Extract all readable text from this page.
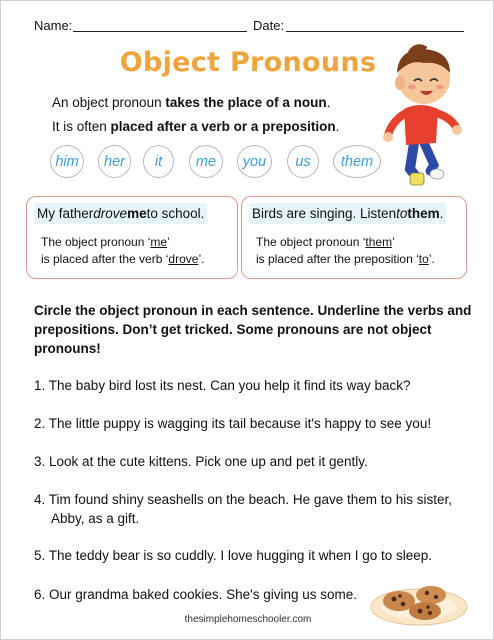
Name:	Date:
Object Pronouns
An object pronoun takes the place of a noun.
It is often placed after a verb or a preposition.
him	her	it	me	you	us	them
My father drove me to school.
The object pronoun ‘me’
is placed after the verb ‘drove’.
Birds are singing. Listen to them .
The object pronoun ‘them’
is placed after the preposition ‘to’.
Circle the object pronoun in each sentence. Underline the verbs and prepositions. Don’t get tricked. Some pronouns are not object pronouns!
1. The baby bird lost its nest. Can you help it find its way back?
2. The little puppy is wagging its tail because it's happy to see you!
3. Look at the cute kittens. Pick one up and pet it gently.
4. Tim found shiny seashells on the beach. He gave them to his sister,
Abby, as a gift.
5. The teddy bear is so cuddly. I love hugging it when I go to sleep.
6. Our grandma baked cookies. She's giving us some.
thesimplehomeschooler.com
